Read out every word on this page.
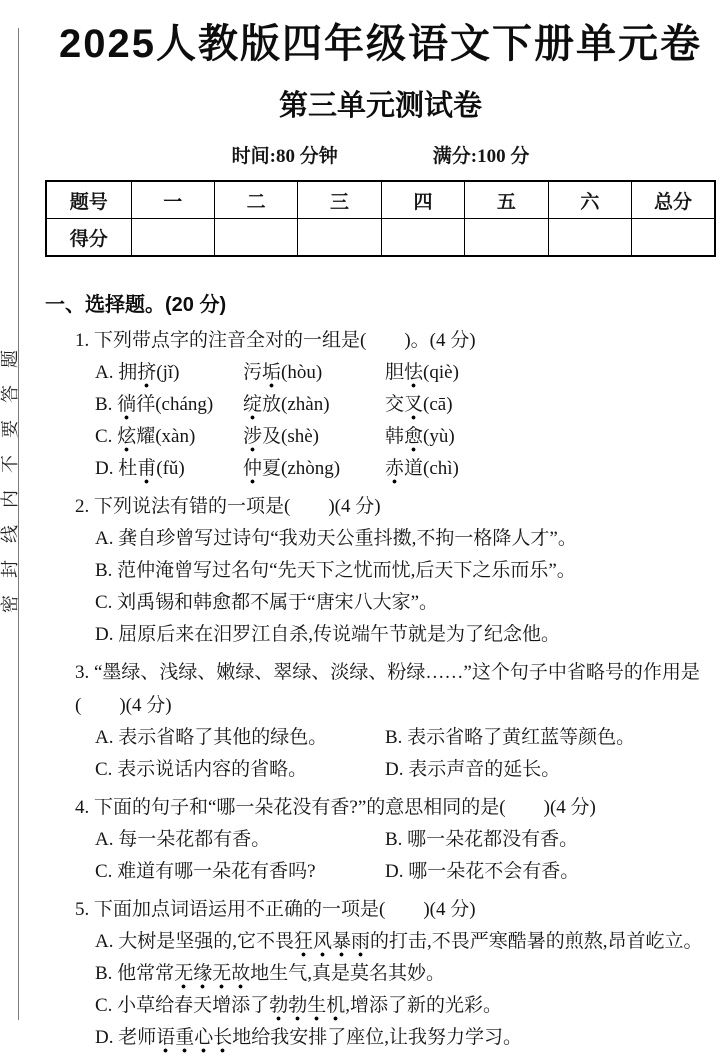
题
答
要
不
内
线
封
密
2025人教版四年级语文下册单元卷
第三单元测试卷
时间:80 分钟	满分:100 分
题号	一	二	三	四	五	六	总分
得分							
一、选择题。(20 分)
1. 下列带点字的注音全对的一组是(　　)。(4 分)
A. 拥挤(jǐ)	污垢(hòu)	胆怯(qiè)
B. 徜徉(cháng)	绽放(zhàn)	交叉(cā)
C. 炫耀(xàn)	涉及(shè)	韩愈(yù)
D. 杜甫(fǔ)	仲夏(zhòng)	赤道(chì)
2. 下列说法有错的一项是(　　)(4 分)
A. 龚自珍曾写过诗句“我劝天公重抖擞,不拘一格降人才”。
B. 范仲淹曾写过名句“先天下之忧而忧,后天下之乐而乐”。
C. 刘禹锡和韩愈都不属于“唐宋八大家”。
D. 屈原后来在汨罗江自杀,传说端午节就是为了纪念他。
3. “墨绿、浅绿、嫩绿、翠绿、淡绿、粉绿……”这个句子中省略号的作用是(　　)(4 分)
A. 表示省略了其他的绿色。	B. 表示省略了黄红蓝等颜色。
C. 表示说话内容的省略。	D. 表示声音的延长。
4. 下面的句子和“哪一朵花没有香?”的意思相同的是(　　)(4 分)
A. 每一朵花都有香。	B. 哪一朵花都没有香。
C. 难道有哪一朵花有香吗?	D. 哪一朵花不会有香。
5. 下面加点词语运用不正确的一项是(　　)(4 分)
A. 大树是坚强的,它不畏狂风暴雨的打击,不畏严寒酷暑的煎熬,昂首屹立。
B. 他常常无缘无故地生气,真是莫名其妙。
C. 小草给春天增添了勃勃生机,增添了新的光彩。
D. 老师语重心长地给我安排了座位,让我努力学习。
